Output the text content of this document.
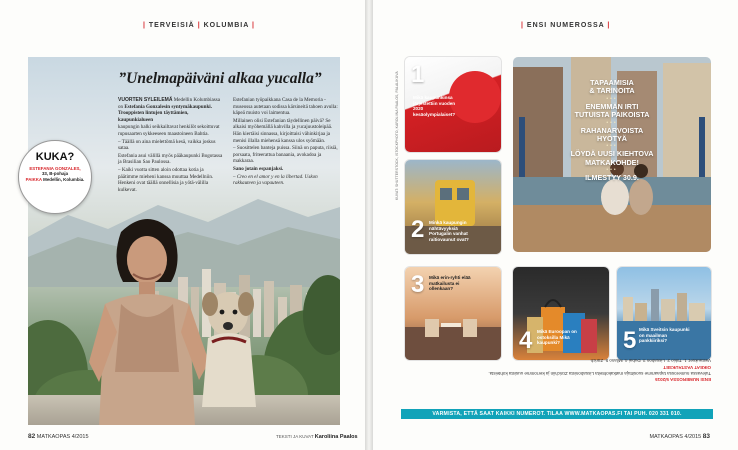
| TERVEISIÄ | KOLUMBIA |
”Unelmapäiväni alkaa yucalla”

VUORTEN SYLEILEMÄ Medellin Kolumbiassa on Estefania Gonzalesin syntymäkaupunki. Trooppisten lintujen täyttämien, kaupunkialueen

kaupungin halki seikkailtavat henkilöt sekoittuvat rupusaarten sykkeeseen maastoineen Bahtia.

– Täällä on aina mielettömä kesä, vaikka joskus sataa.

Estefania asui välillä myös pääkaupunki Bogotassa ja Brasilian Sao Paulossa.

– Kaiki vuotta sitten aloin odottaa kotia ja päätimme mieheni kanssa muuttaa Medellniin. Henkeni ovat täällä onnellisia ja yötä-välilla kulkevat.

Estefanian työpaikkana Casa de la Memoria -museossa autetaan sodissa kärsineitä tahoen avulla: käpeä muisto voi laimentua.

Millainen olisi Estefanian täydellinen päivä? Se alkaisi myöhemällä kahvilla ja yucajuustoleipää. Hän kiertäisi sinnassa, kirjoittaisi vähinkirjaa ja menisi illalla miehensä kanssa ulos syömään.

– Suosittelen banteja puissa. Siinä on paputa, riisiä, porsaata, friteerattua banaania, avokadoa ja makkaraa.

Sano jotain espanjaksi.

– Creo en el amor y en la libertad. Uskon rakkauteen ja vapauteen.

KUKA?
ESTEFANIA GONZALES,
33, B-pohaja
PAIKKA Medellin, Kolumbia.
82 MATKAOPAS 4/2015	TEKSTI JA KUVAT Karoliina Paalos
| ENSI NUMEROSSA |
KUVAT: SHUTTERSTOCK, ISTOCKPHOTO, KAROLIINA PAALOS, PALALIKUVA 1
Mikä kaupunkinsa järjestettiin vuoden 2020 kesäolympialaiset?
TAPAAMISIA
& TARINOITA
•••
ENEMMÄN IRTI
TUTUISTA PAIKOISTA
•••
RAHANARVOISTA
HYÖTYÄ
•••
LÖYDÄ UUSI KIEHTOVA
MATKAKOHDE!
•••
ILMESTYY 30.9.
2 Minkä kaupungin nähtävyyksiä Portugalin vanhat raitiovaunut ovat?
3 Mikä erin-ryhti elää matkailusta ei ollenkaan?
4 Mikä Euroopan on ostoksilla Mikä kaupunki?	5 Mikä Sveitsin kaupunki on maailman pankkiiriksi?
ENSI NUMEROSSA 5/2015
Tulevassa numerossa tapaamme suosittuja matkakohteita Lissabonista Zürichiin ja kerromme uusista kohteista.
OIKEAT VASTAUKSET
Vastaukset: 1. Tokio 2. Lissabon 3. Dubai 4. Milano 5. Zürich
VARMISTA, ETTÄ SAAT KAIKKI NUMEROT. TILAA WWW.MATKAOPAS.FI TAI PUH. 020 331 010.
MATKAOPAS 4/2015 83
